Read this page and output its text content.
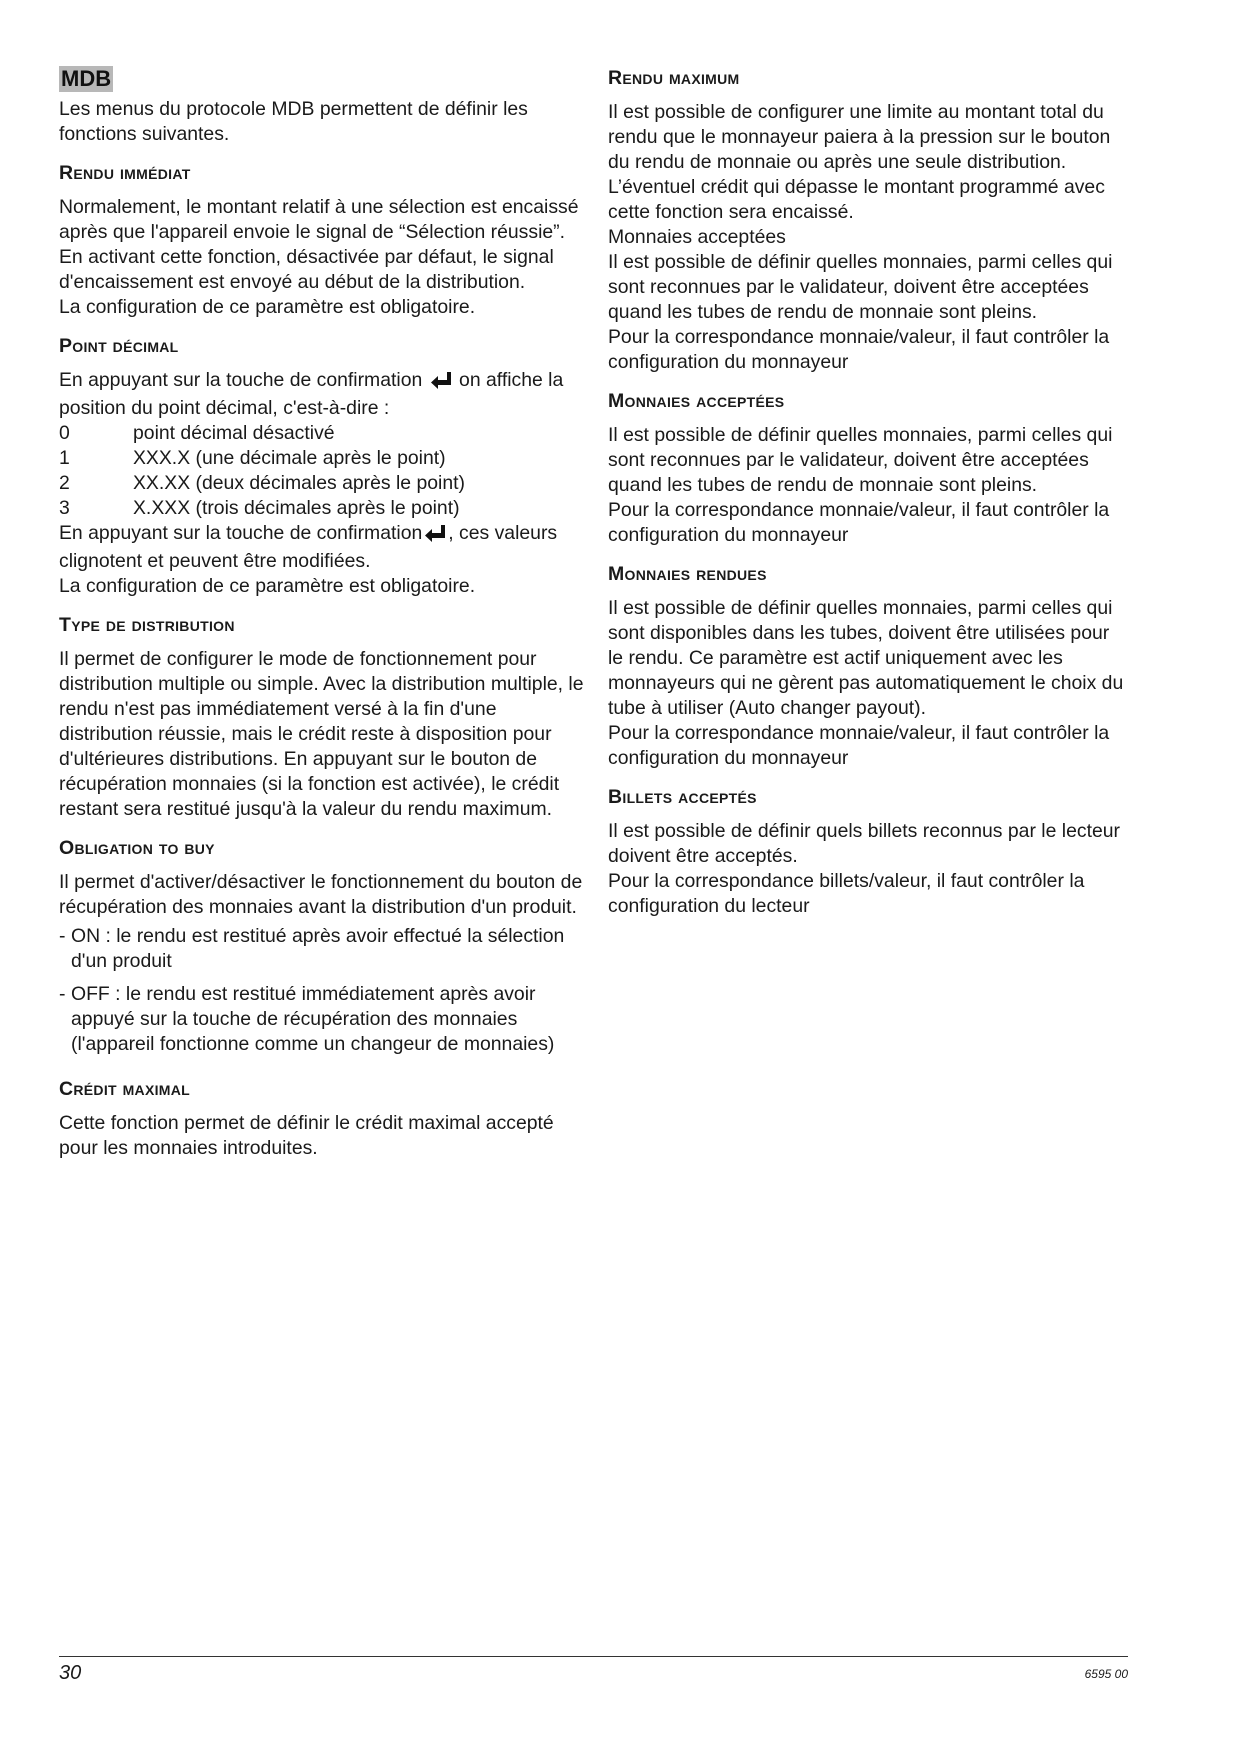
MDB

Les menus du protocole MDB permettent de définir les fonctions suivantes.

Rendu immédiat

Normalement, le montant relatif à une sélection est encaissé après que l'appareil envoie le signal de “Sélection réussie”.

En activant cette fonction, désactivée par défaut, le signal d'encaissement est envoyé au début de la distribution.

La configuration de ce paramètre est obligatoire.

Point décimal

En appuyant sur la touche de confirmation on affiche la position du point décimal, c'est-à-dire :

0	point décimal désactivé
1	XXX.X (une décimale après le point)
2	XX.XX (deux décimales après le point)
3	X.XXX (trois décimales après le point)

En appuyant sur la touche de confirmation , ces valeurs clignotent et peuvent être modifiées.

La configuration de ce paramètre est obligatoire.

Type de distribution

Il permet de configurer le mode de fonctionnement pour distribution multiple ou simple. Avec la distribution multiple, le rendu n'est pas immédiatement versé à la fin d'une distribution réussie, mais le crédit reste à disposition pour d'ultérieures distributions. En appuyant sur le bouton de récupération monnaies (si la fonction est activée), le crédit restant sera restitué jusqu'à la valeur du rendu maximum.

Obligation to buy

Il permet d'activer/désactiver le fonctionnement du bouton de récupération des monnaies avant la distribution d'un produit.

- ON : le rendu est restitué après avoir effectué la sélection d'un produit
- OFF : le rendu est restitué immédiatement après avoir appuyé sur la touche de récupération des monnaies (l'appareil fonctionne comme un changeur de monnaies)
Crédit maximal

Cette fonction permet de définir le crédit maximal accepté pour les monnaies introduites.

Rendu maximum

Il est possible de configurer une limite au montant total du rendu que le monnayeur paiera à la pression sur le bouton du rendu de monnaie ou après une seule distribution.

L’éventuel crédit qui dépasse le montant programmé avec cette fonction sera encaissé.

Monnaies acceptées

Il est possible de définir quelles monnaies, parmi celles qui sont reconnues par le validateur, doivent être acceptées quand les tubes de rendu de monnaie sont pleins.

Pour la correspondance monnaie/valeur, il faut contrôler la configuration du monnayeur

Monnaies acceptées

Il est possible de définir quelles monnaies, parmi celles qui sont reconnues par le validateur, doivent être acceptées quand les tubes de rendu de monnaie sont pleins.

Pour la correspondance monnaie/valeur, il faut contrôler la configuration du monnayeur

Monnaies rendues

Il est possible de définir quelles monnaies, parmi celles qui sont disponibles dans les tubes, doivent être utilisées pour le rendu. Ce paramètre est actif uniquement avec les monnayeurs qui ne gèrent pas automatiquement le choix du tube à utiliser (Auto changer payout).

Pour la correspondance monnaie/valeur, il faut contrôler la configuration du monnayeur

Billets acceptés

Il est possible de définir quels billets reconnus par le lecteur doivent être acceptés.

Pour la correspondance billets/valeur, il faut contrôler la configuration du lecteur

30	6595 00
